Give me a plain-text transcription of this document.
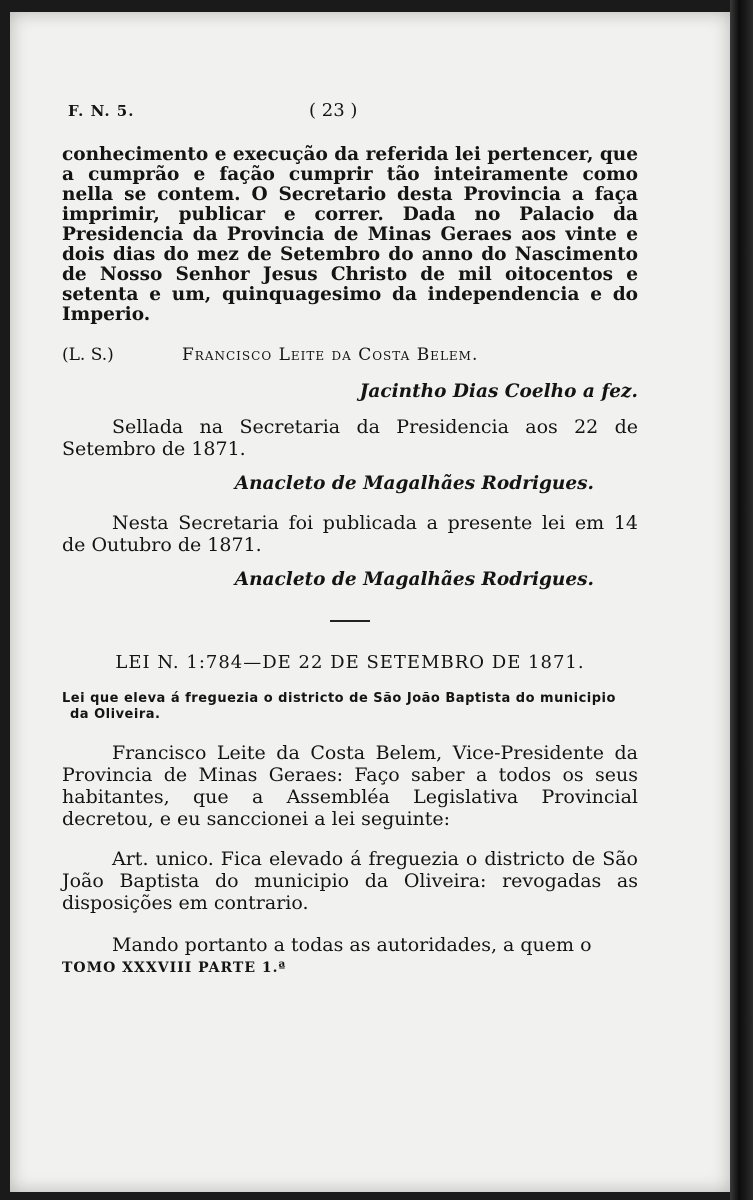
F. N. 5.	( 23 )

conhecimento e execução da referida lei pertencer, que a cumprão e fação cumprir tão inteiramente como nella se contem. O Secretario desta Provincia a faça imprimir, publicar e correr. Dada no Palacio da Presidencia da Provincia de Minas Geraes aos vinte e dois dias do mez de Setembro do anno do Nascimento de Nosso Senhor Jesus Christo de mil oitocentos e setenta e um, quinquagesimo da independencia e do Imperio.

(L. S.)	Francisco Leite da Costa Belem.

Jacintho Dias Coelho a fez.

Sellada na Secretaria da Presidencia aos 22 de Setembro de 1871.

Anacleto de Magalhães Rodrigues.

Nesta Secretaria foi publicada a presente lei em 14 de Outubro de 1871.

Anacleto de Magalhães Rodrigues.

LEI N. 1:784—DE 22 DE SETEMBRO DE 1871.

Lei que eleva á freguezia o districto de São João Baptista do municipio da Oliveira.

Francisco Leite da Costa Belem, Vice-Presidente da Provincia de Minas Geraes: Faço saber a todos os seus habitantes, que a Assembléa Legislativa Provincial decretou, e eu sanccionei a lei seguinte:

Art. unico. Fica elevado á freguezia o districto de São João Baptista do municipio da Oliveira: revogadas as disposições em contrario.

Mando portanto a todas as autoridades, a quem o

TOMO XXXVIII PARTE 1.ª
